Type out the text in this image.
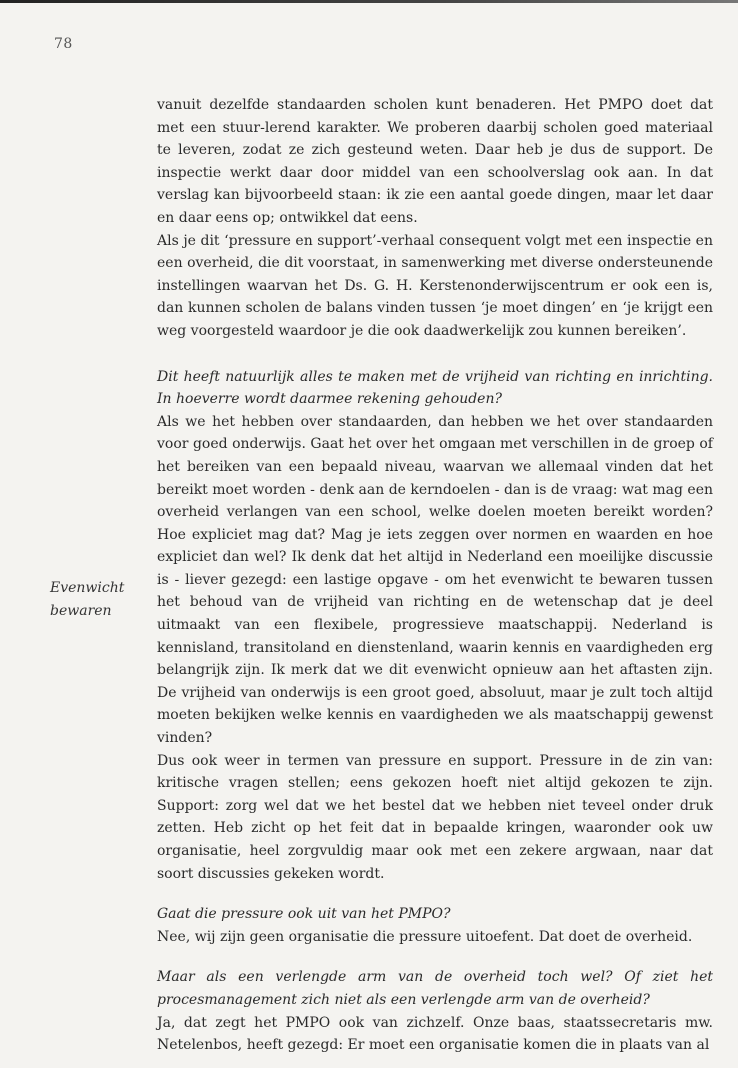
78
Evenwicht
bewaren

vanuit dezelfde standaarden scholen kunt benaderen. Het PMPO doet dat met een stuur-lerend karakter. We proberen daarbij scholen goed materiaal te leveren, zodat ze zich gesteund weten. Daar heb je dus de support. De inspectie werkt daar door middel van een schoolverslag ook aan. In dat verslag kan bijvoorbeeld staan: ik zie een aantal goede dingen, maar let daar en daar eens op; ontwikkel dat eens.

Als je dit ‘pressure en support’-verhaal consequent volgt met een inspectie en een overheid, die dit voorstaat, in samenwerking met diverse ondersteunende instellingen waarvan het Ds. G. H. Kerstenonderwijscentrum er ook een is, dan kunnen scholen de balans vinden tussen ‘je moet dingen’ en ‘je krijgt een weg voorgesteld waardoor je die ook daadwerkelijk zou kunnen bereiken’.

Dit heeft natuurlijk alles te maken met de vrijheid van richting en inrichting. In hoeverre wordt daarmee rekening gehouden?

Als we het hebben over standaarden, dan hebben we het over standaarden voor goed onderwijs. Gaat het over het omgaan met verschillen in de groep of het bereiken van een bepaald niveau, waarvan we allemaal vinden dat het bereikt moet worden - denk aan de kerndoelen - dan is de vraag: wat mag een overheid verlangen van een school, welke doelen moeten bereikt worden? Hoe expliciet mag dat? Mag je iets zeggen over normen en waarden en hoe expliciet dan wel? Ik denk dat het altijd in Nederland een moeilijke discussie is - liever gezegd: een lastige opgave - om het evenwicht te bewaren tussen het behoud van de vrijheid van richting en de wetenschap dat je deel uitmaakt van een flexibele, progressieve maatschappij. Nederland is kennisland, transitoland en dienstenland, waarin kennis en vaardigheden erg belangrijk zijn. Ik merk dat we dit evenwicht opnieuw aan het aftasten zijn. De vrijheid van onderwijs is een groot goed, absoluut, maar je zult toch altijd moeten bekijken welke kennis en vaardigheden we als maatschappij gewenst vinden?

Dus ook weer in termen van pressure en support. Pressure in de zin van: kritische vragen stellen; eens gekozen hoeft niet altijd gekozen te zijn. Support: zorg wel dat we het bestel dat we hebben niet teveel onder druk zetten. Heb zicht op het feit dat in bepaalde kringen, waaronder ook uw organisatie, heel zorgvuldig maar ook met een zekere argwaan, naar dat soort discussies gekeken wordt.

Gaat die pressure ook uit van het PMPO?

Nee, wij zijn geen organisatie die pressure uitoefent. Dat doet de overheid.

Maar als een verlengde arm van de overheid toch wel? Of ziet het procesmanagement zich niet als een verlengde arm van de overheid?

Ja, dat zegt het PMPO ook van zichzelf. Onze baas, staatssecretaris mw. Netelenbos, heeft gezegd: Er moet een organisatie komen die in plaats van al
